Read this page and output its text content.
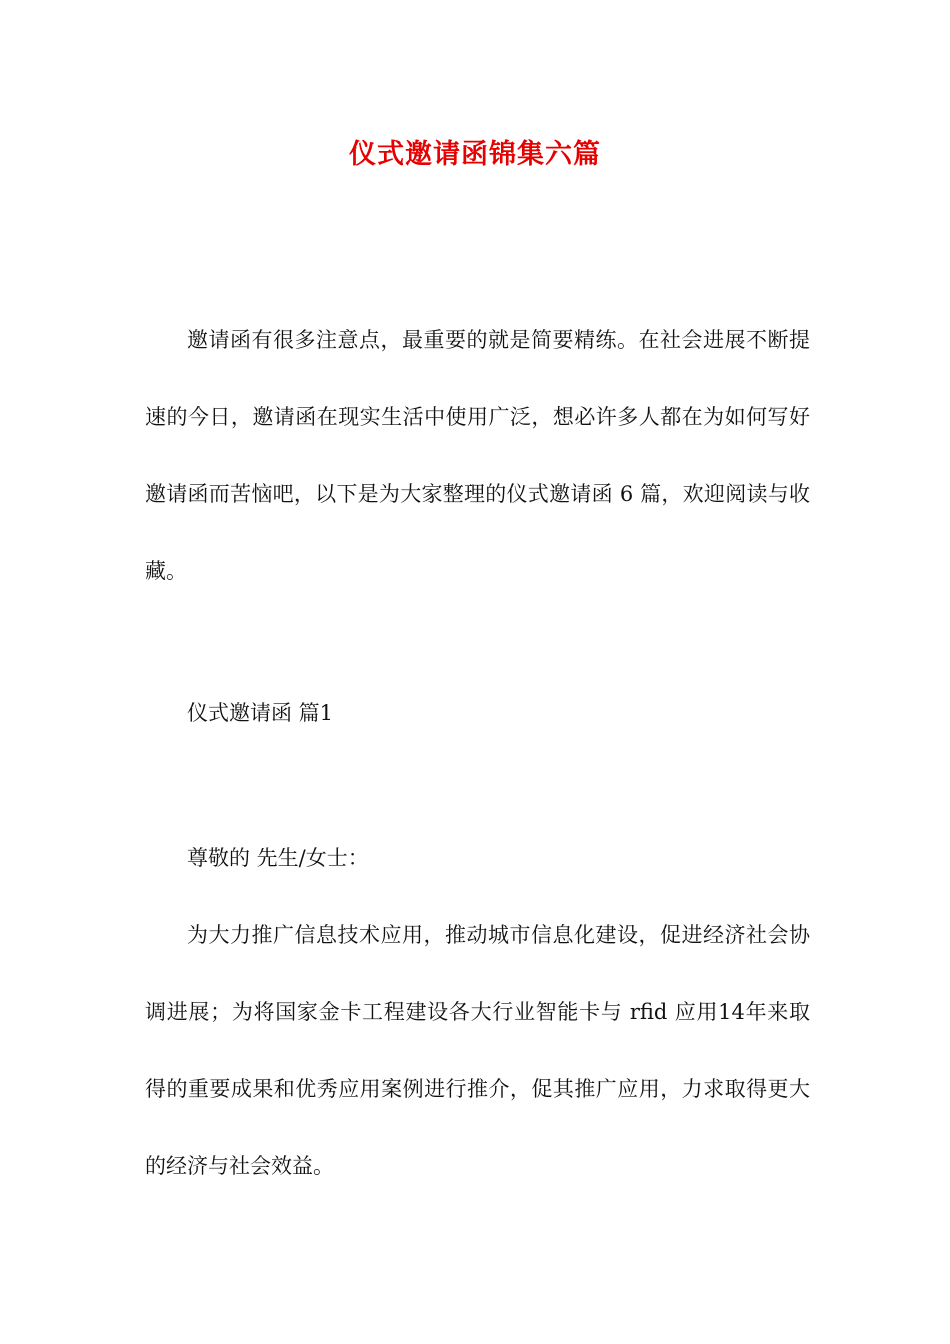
仪式邀请函锦集六篇
邀请函有很多注意点，最重要的就是简要精练。在社会进展不断提速的今日，邀请函在现实生活中使用广泛，想必许多人都在为如何写好邀请函而苦恼吧，以下是为大家整理的仪式邀请函 6 篇，欢迎阅读与收藏。
仪式邀请函 篇1
尊敬的 先生/女士：
为大力推广信息技术应用，推动城市信息化建设，促进经济社会协调进展；为将国家金卡工程建设各大行业智能卡与 rfid 应用14年来取得的重要成果和优秀应用案例进行推介，促其推广应用，力求取得更大的经济与社会效益。
